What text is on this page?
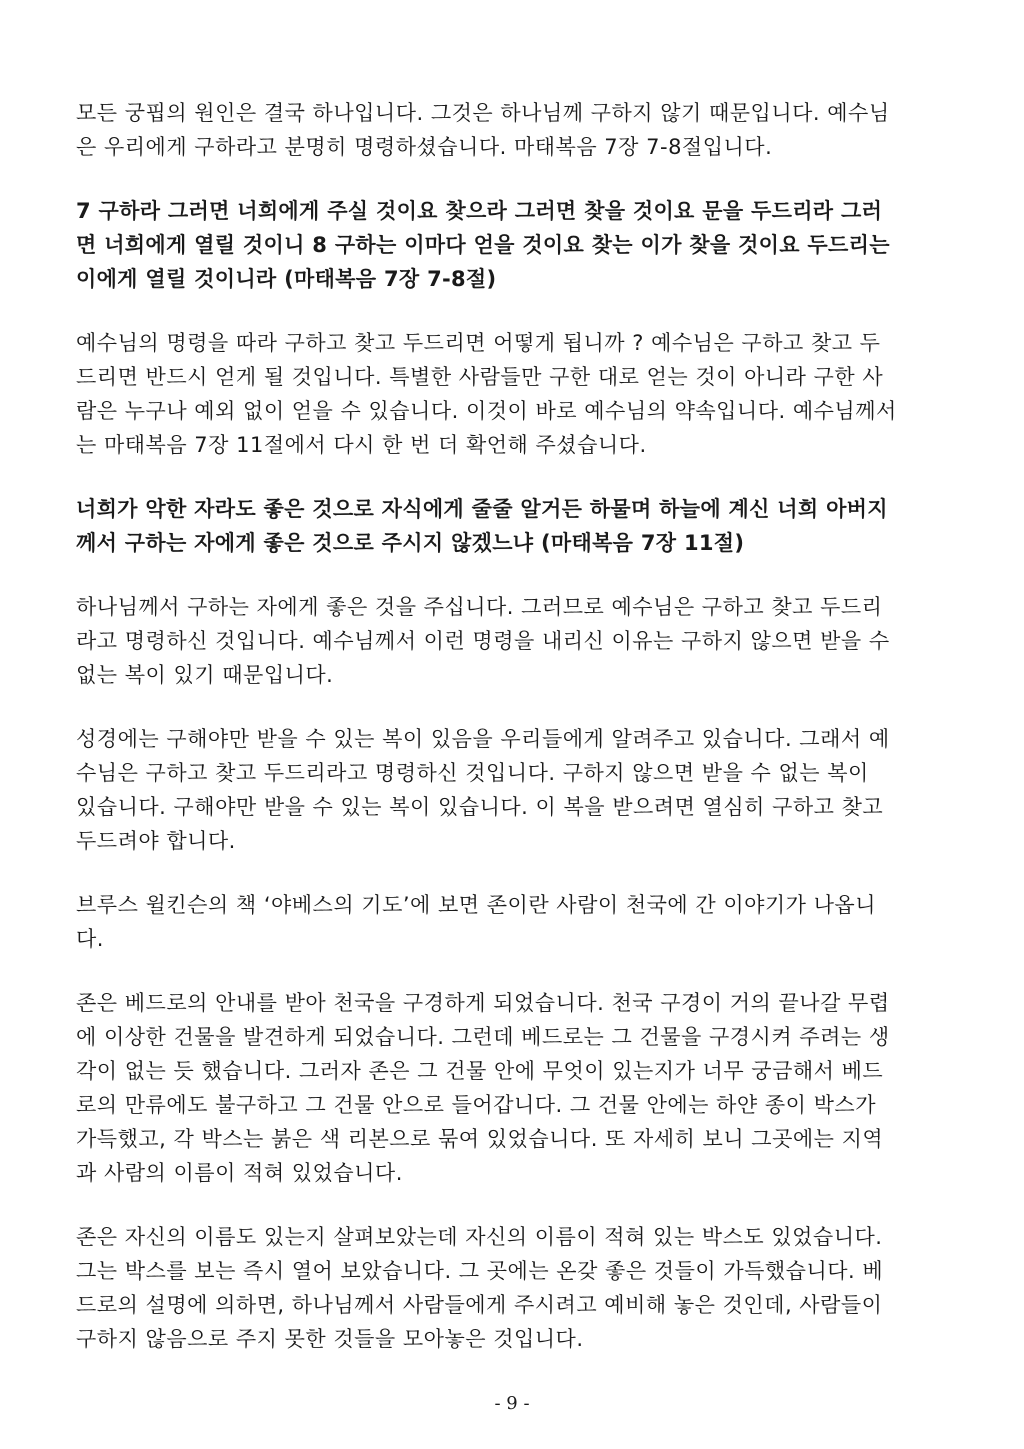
모든 궁핍의 원인은 결국 하나입니다. 그것은 하나님께 구하지 않기 때문입니다. 예수님
은 우리에게 구하라고 분명히 명령하셨습니다. 마태복음 7장 7-8절입니다.

7 구하라 그러면 너희에게 주실 것이요 찾으라 그러면 찾을 것이요 문을 두드리라 그러
면 너희에게 열릴 것이니 8 구하는 이마다 얻을 것이요 찾는 이가 찾을 것이요 두드리는
이에게 열릴 것이니라 (마태복음 7장 7-8절)

예수님의 명령을 따라 구하고 찾고 두드리면 어떻게 됩니까 ? 예수님은 구하고 찾고 두
드리면 반드시 얻게 될 것입니다. 특별한 사람들만 구한 대로 얻는 것이 아니라 구한 사
람은 누구나 예외 없이 얻을 수 있습니다. 이것이 바로 예수님의 약속입니다. 예수님께서
는 마태복음 7장 11절에서 다시 한 번 더 확언해 주셨습니다.

너희가 악한 자라도 좋은 것으로 자식에게 줄줄 알거든 하물며 하늘에 계신 너희 아버지
께서 구하는 자에게 좋은 것으로 주시지 않겠느냐 (마태복음 7장 11절)

하나님께서 구하는 자에게 좋은 것을 주십니다. 그러므로 예수님은 구하고 찾고 두드리
라고 명령하신 것입니다. 예수님께서 이런 명령을 내리신 이유는 구하지 않으면 받을 수
없는 복이 있기 때문입니다.

성경에는 구해야만 받을 수 있는 복이 있음을 우리들에게 알려주고 있습니다. 그래서 예
수님은 구하고 찾고 두드리라고 명령하신 것입니다. 구하지 않으면 받을 수 없는 복이
있습니다. 구해야만 받을 수 있는 복이 있습니다. 이 복을 받으려면 열심히 구하고 찾고
두드려야 합니다.

브루스 윌킨슨의 책 ‘야베스의 기도’에 보면 존이란 사람이 천국에 간 이야기가 나옵니
다.

존은 베드로의 안내를 받아 천국을 구경하게 되었습니다. 천국 구경이 거의 끝나갈 무렵
에 이상한 건물을 발견하게 되었습니다. 그런데 베드로는 그 건물을 구경시켜 주려는 생
각이 없는 듯 했습니다. 그러자 존은 그 건물 안에 무엇이 있는지가 너무 궁금해서 베드
로의 만류에도 불구하고 그 건물 안으로 들어갑니다. 그 건물 안에는 하얀 종이 박스가
가득했고, 각 박스는 붉은 색 리본으로 묶여 있었습니다. 또 자세히 보니 그곳에는 지역
과 사람의 이름이 적혀 있었습니다.

존은 자신의 이름도 있는지 살펴보았는데 자신의 이름이 적혀 있는 박스도 있었습니다.
그는 박스를 보는 즉시 열어 보았습니다. 그 곳에는 온갖 좋은 것들이 가득했습니다. 베
드로의 설명에 의하면, 하나님께서 사람들에게 주시려고 예비해 놓은 것인데, 사람들이
구하지 않음으로 주지 못한 것들을 모아놓은 것입니다.

- 9 -
